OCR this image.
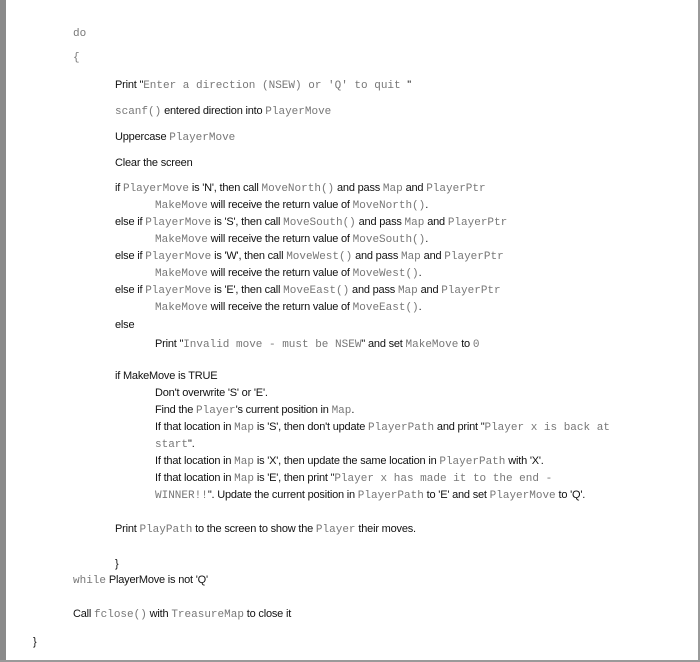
do
{
Print "Enter a direction (NSEW) or 'Q' to quit "
scanf() entered direction into PlayerMove
Uppercase PlayerMove
Clear the screen
if PlayerMove is 'N', then call MoveNorth() and pass Map and PlayerPtr
MakeMove will receive the return value of MoveNorth().
else if PlayerMove is 'S', then call MoveSouth() and pass Map and PlayerPtr
MakeMove will receive the return value of MoveSouth().
else if PlayerMove is 'W', then call MoveWest() and pass Map and PlayerPtr
MakeMove will receive the return value of MoveWest().
else if PlayerMove is 'E', then call MoveEast() and pass Map and PlayerPtr
MakeMove will receive the return value of MoveEast().
else
Print "Invalid move - must be NSEW" and set MakeMove to 0
if MakeMove is TRUE
Don't overwrite 'S' or 'E'.
Find the Player's current position in Map.
If that location in Map is 'S', then don't update PlayerPath and print "Player x is back at
start".
If that location in Map is 'X', then update the same location in PlayerPath with 'X'.
If that location in Map is 'E', then print "Player x has made it to the end -
WINNER!!". Update the current position in PlayerPath to 'E' and set PlayerMove to 'Q'.
Print PlayPath to the screen to show the Player their moves.
}
while PlayerMove is not 'Q'
Call fclose() with TreasureMap to close it
}
